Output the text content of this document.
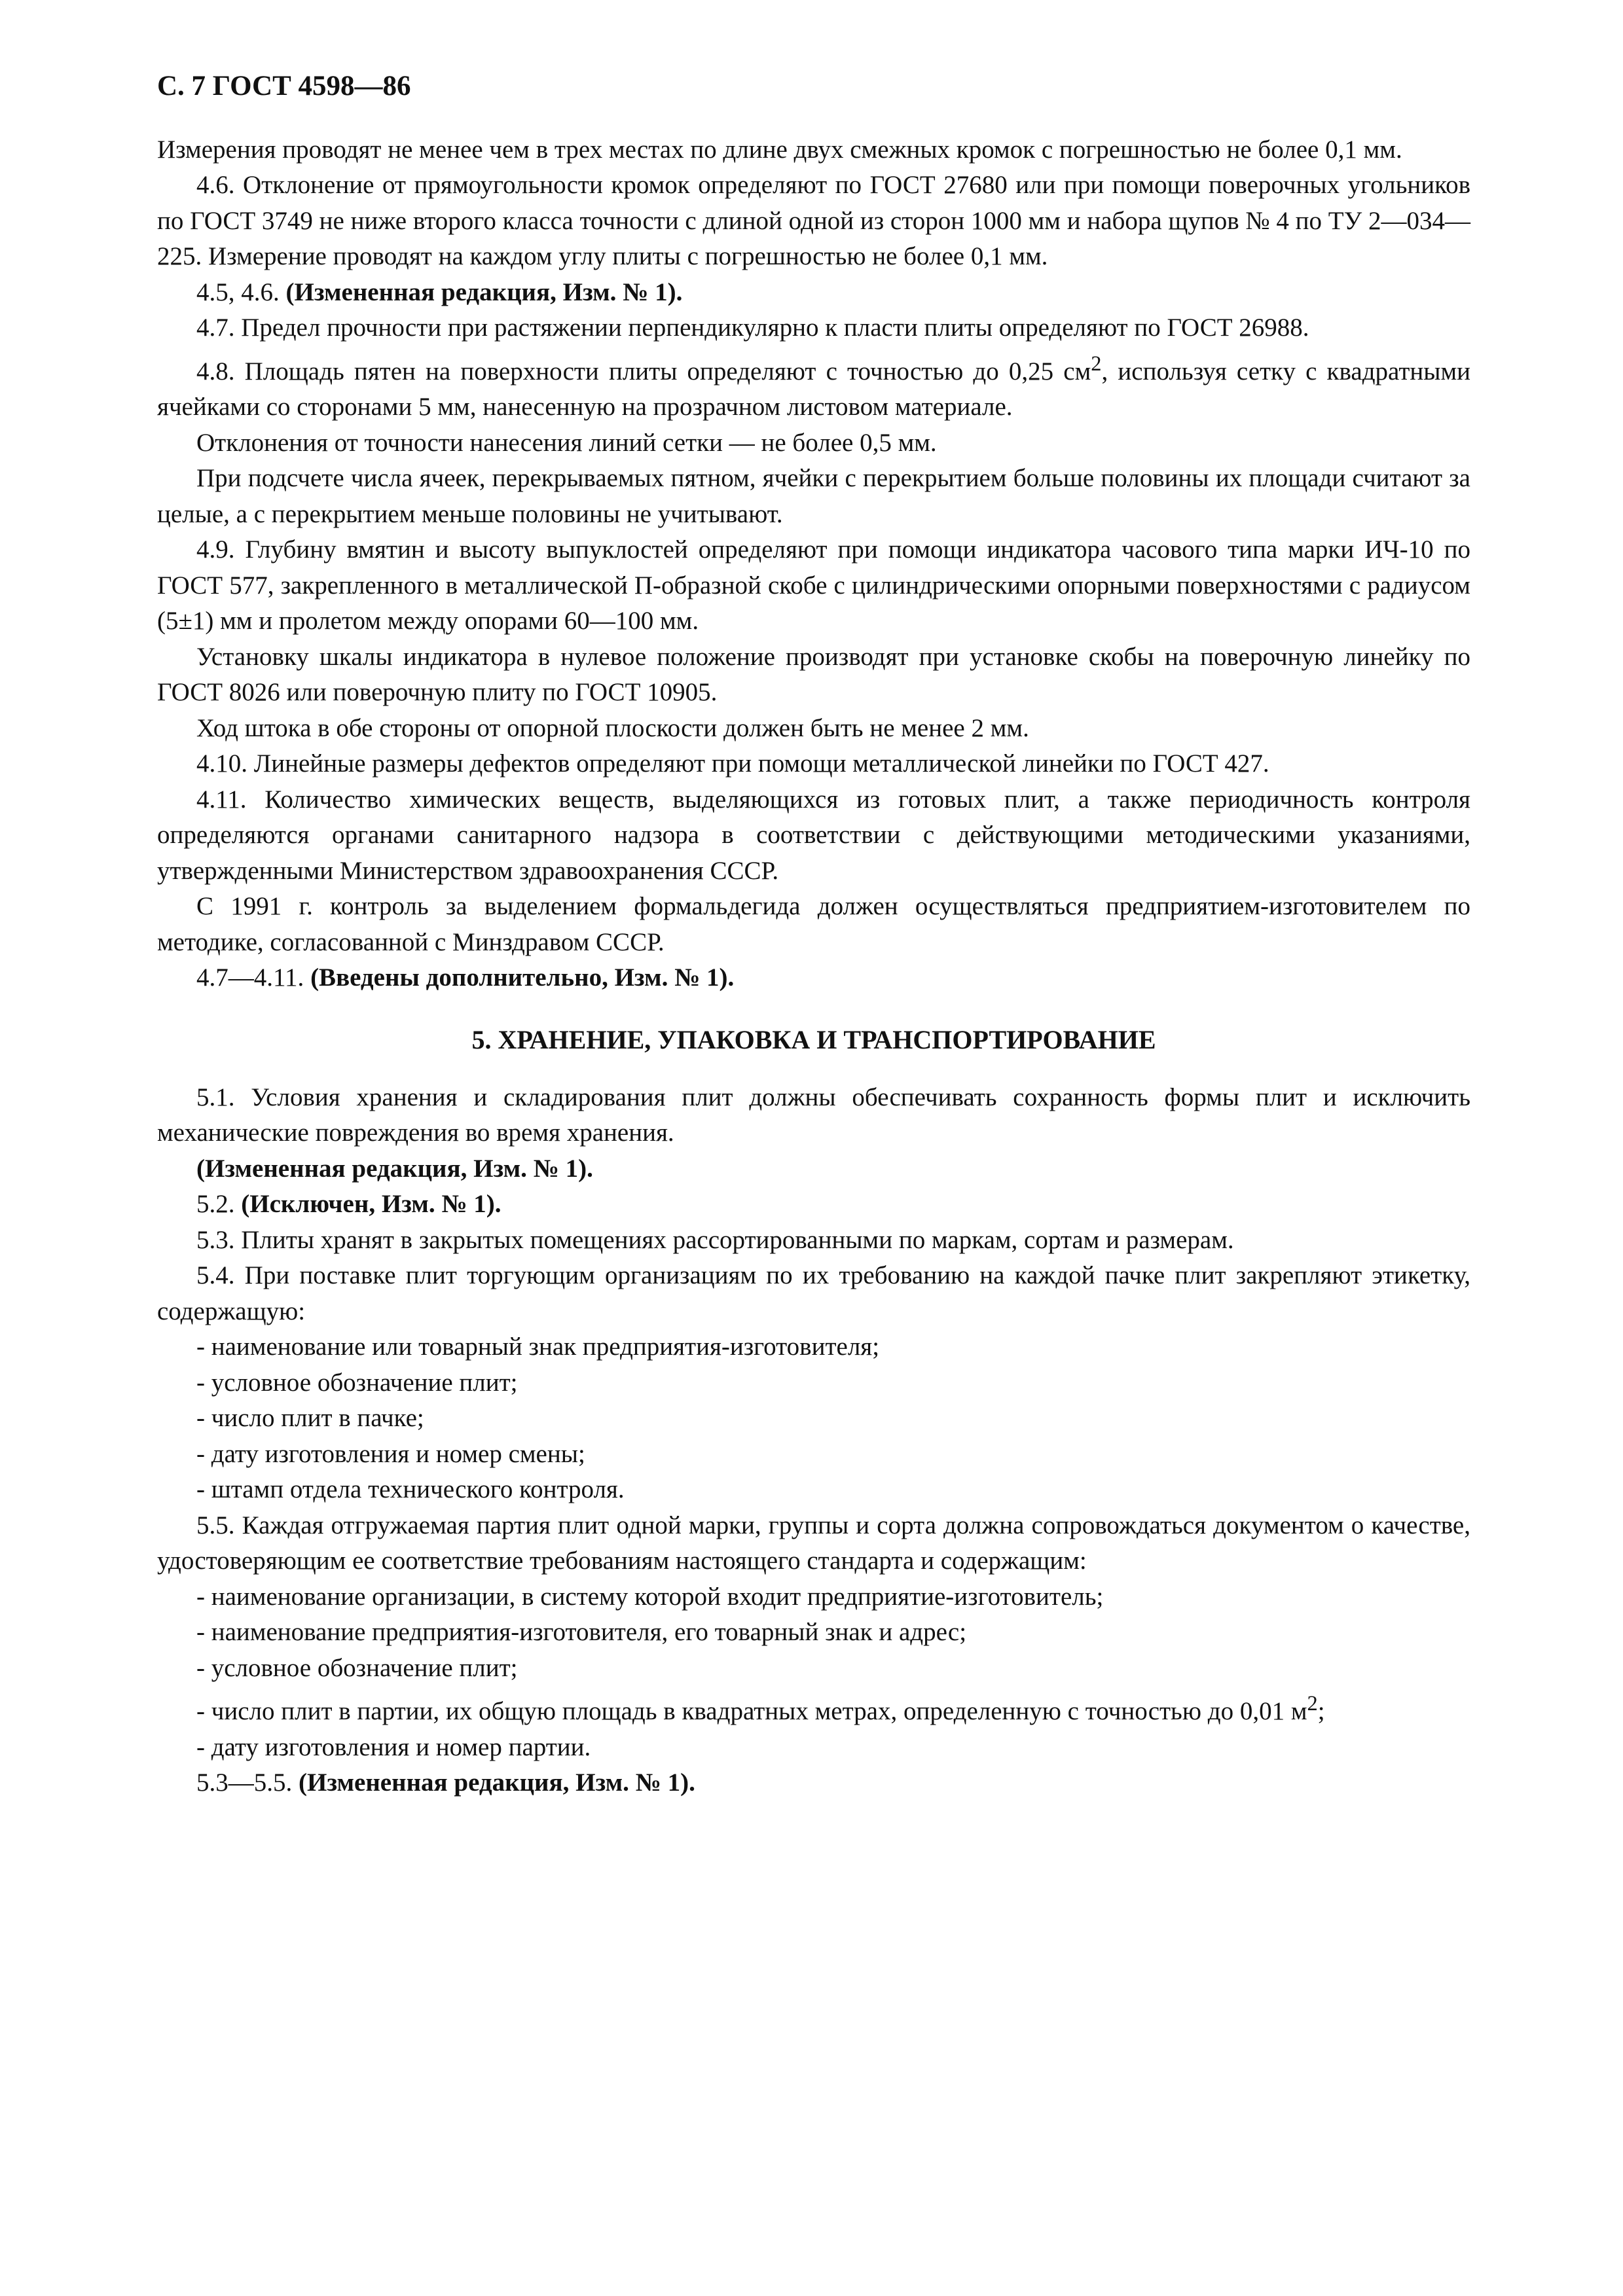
С. 7 ГОСТ 4598—86

Измерения проводят не менее чем в трех местах по длине двух смежных кромок с погрешностью не более 0,1 мм.

4.6. Отклонение от прямоугольности кромок определяют по ГОСТ 27680 или при помощи поверочных угольников по ГОСТ 3749 не ниже второго класса точности с длиной одной из сторон 1000 мм и набора щупов № 4 по ТУ 2—034—225. Измерение проводят на каждом углу плиты с погрешностью не более 0,1 мм.

4.5, 4.6. (Измененная редакция, Изм. № 1).

4.7. Предел прочности при растяжении перпендикулярно к пласти плиты определяют по ГОСТ 26988.

4.8. Площадь пятен на поверхности плиты определяют с точностью до 0,25 $см^2$, используя сетку с квадратными ячейками со сторонами 5 мм, нанесенную на прозрачном листовом материале.

Отклонения от точности нанесения линий сетки — не более 0,5 мм.

При подсчете числа ячеек, перекрываемых пятном, ячейки с перекрытием больше половины их площади считают за целые, а с перекрытием меньше половины не учитывают.

4.9. Глубину вмятин и высоту выпуклостей определяют при помощи индикатора часового типа марки ИЧ-10 по ГОСТ 577, закрепленного в металлической П-образной скобе с цилиндрическими опорными поверхностями с радиусом (5±1) мм и пролетом между опорами 60—100 мм.

Установку шкалы индикатора в нулевое положение производят при установке скобы на поверочную линейку по ГОСТ 8026 или поверочную плиту по ГОСТ 10905.

Ход штока в обе стороны от опорной плоскости должен быть не менее 2 мм.

4.10. Линейные размеры дефектов определяют при помощи металлической линейки по ГОСТ 427.

4.11. Количество химических веществ, выделяющихся из готовых плит, а также периодичность контроля определяются органами санитарного надзора в соответствии с действующими методическими указаниями, утвержденными Министерством здравоохранения СССР.

С 1991 г. контроль за выделением формальдегида должен осуществляться предприятием-изготовителем по методике, согласованной с Минздравом СССР.

4.7—4.11. (Введены дополнительно, Изм. № 1).

5. ХРАНЕНИЕ, УПАКОВКА И ТРАНСПОРТИРОВАНИЕ

5.1. Условия хранения и складирования плит должны обеспечивать сохранность формы плит и исключить механические повреждения во время хранения.

(Измененная редакция, Изм. № 1).

5.2. (Исключен, Изм. № 1).

5.3. Плиты хранят в закрытых помещениях рассортированными по маркам, сортам и размерам.

5.4. При поставке плит торгующим организациям по их требованию на каждой пачке плит закрепляют этикетку, содержащую:

- наименование или товарный знак предприятия-изготовителя;

- условное обозначение плит;

- число плит в пачке;

- дату изготовления и номер смены;

- штамп отдела технического контроля.

5.5. Каждая отгружаемая партия плит одной марки, группы и сорта должна сопровождаться документом о качестве, удостоверяющим ее соответствие требованиям настоящего стандарта и содержащим:

- наименование организации, в систему которой входит предприятие-изготовитель;

- наименование предприятия-изготовителя, его товарный знак и адрес;

- условное обозначение плит;

- число плит в партии, их общую площадь в квадратных метрах, определенную с точностью до 0,01 $м^2$;

- дату изготовления и номер партии.

5.3—5.5. (Измененная редакция, Изм. № 1).
